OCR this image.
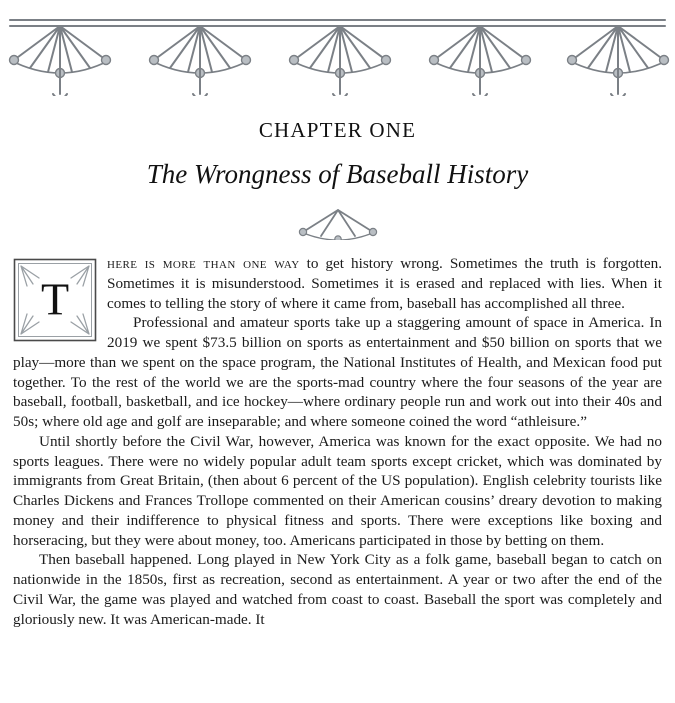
CHAPTER ONE
The Wrongness of Baseball History
T

here is more than one way to get history wrong. Sometimes the truth is forgotten. Sometimes it is misunderstood. Sometimes it is erased and replaced with lies. When it comes to telling the story of where it came from, baseball has accomplished all three.

Professional and amateur sports take up a staggering amount of space in America. In 2019 we spent $73.5 billion on sports as entertainment and $50 billion on sports that we play—more than we spent on the space program, the National Institutes of Health, and Mexican food put together. To the rest of the world we are the sports-mad country where the four seasons of the year are baseball, football, basketball, and ice hockey—where ordinary people run and work out into their 40s and 50s; where old age and golf are inseparable; and where someone coined the word “athleisure.”

Until shortly before the Civil War, however, America was known for the exact opposite. We had no sports leagues. There were no widely popular adult team sports except cricket, which was dominated by immigrants from Great Britain, (then about 6 percent of the US population). English celebrity tourists like Charles Dickens and Frances Trollope commented on their American cousins’ dreary devotion to making money and their indifference to physical fitness and sports. There were exceptions like boxing and horseracing, but they were about money, too. Americans participated in those by betting on them.

Then baseball happened. Long played in New York City as a folk game, baseball began to catch on nationwide in the 1850s, first as recreation, second as entertainment. A year or two after the end of the Civil War, the game was played and watched from coast to coast. Baseball the sport was completely and gloriously new. It was American-made. It
